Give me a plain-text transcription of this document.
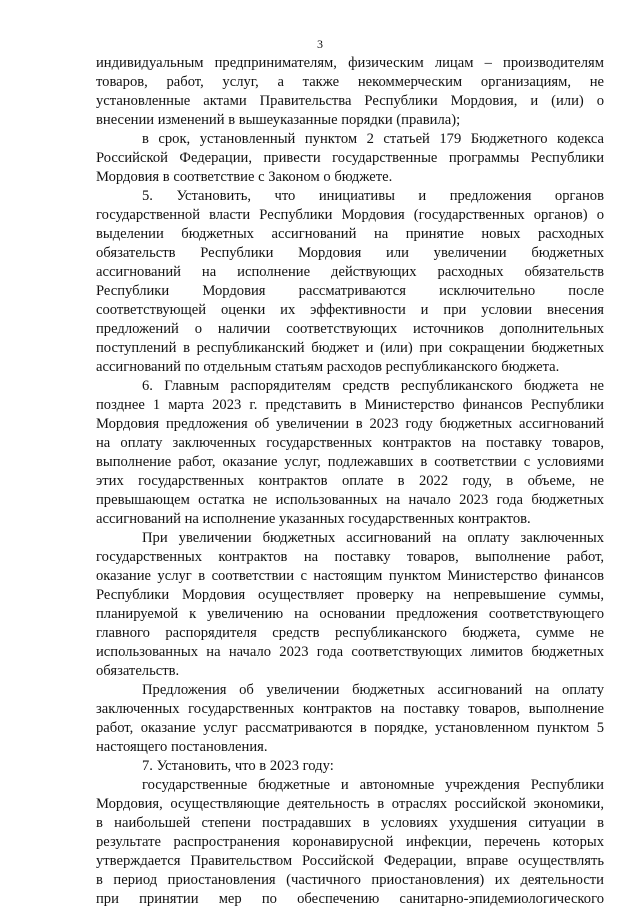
3
индивидуальным предпринимателям, физическим лицам – производителям
товаров, работ, услуг, а также некоммерческим организациям, не
установленные актами Правительства Республики Мордовия, и (или) о
внесении изменений в вышеуказанные порядки (правила);
в срок, установленный пунктом 2 статьей 179 Бюджетного кодекса
Российской Федерации, привести государственные программы Республики
Мордовия в соответствие с Законом о бюджете.
5. Установить, что инициативы и предложения органов
государственной власти Республики Мордовия (государственных органов) о
выделении бюджетных ассигнований на принятие новых расходных
обязательств Республики Мордовия или увеличении бюджетных
ассигнований на исполнение действующих расходных обязательств
Республики Мордовия рассматриваются исключительно после
соответствующей оценки их эффективности и при условии внесения
предложений о наличии соответствующих источников дополнительных
поступлений в республиканский бюджет и (или) при сокращении бюджетных
ассигнований по отдельным статьям расходов республиканского бюджета.
6. Главным распорядителям средств республиканского бюджета не
позднее 1 марта 2023 г. представить в Министерство финансов Республики
Мордовия предложения об увеличении в 2023 году бюджетных ассигнований
на оплату заключенных государственных контрактов на поставку товаров,
выполнение работ, оказание услуг, подлежавших в соответствии с условиями
этих государственных контрактов оплате в 2022 году, в объеме, не
превышающем остатка не использованных на начало 2023 года бюджетных
ассигнований на исполнение указанных государственных контрактов.
При увеличении бюджетных ассигнований на оплату заключенных
государственных контрактов на поставку товаров, выполнение работ,
оказание услуг в соответствии с настоящим пунктом Министерство финансов
Республики Мордовия осуществляет проверку на непревышение суммы,
планируемой к увеличению на основании предложения соответствующего
главного распорядителя средств республиканского бюджета, сумме не
использованных на начало 2023 года соответствующих лимитов бюджетных
обязательств.
Предложения об увеличении бюджетных ассигнований на оплату
заключенных государственных контрактов на поставку товаров, выполнение
работ, оказание услуг рассматриваются в порядке, установленном пунктом 5
настоящего постановления.
7. Установить, что в 2023 году:
государственные бюджетные и автономные учреждения Республики
Мордовия, осуществляющие деятельность в отраслях российской экономики,
в наибольшей степени пострадавших в условиях ухудшения ситуации в
результате распространения коронавирусной инфекции, перечень которых
утверждается Правительством Российской Федерации, вправе осуществлять
в период приостановления (частичного приостановления) их деятельности
при принятии мер по обеспечению санитарно-эпидемиологического
